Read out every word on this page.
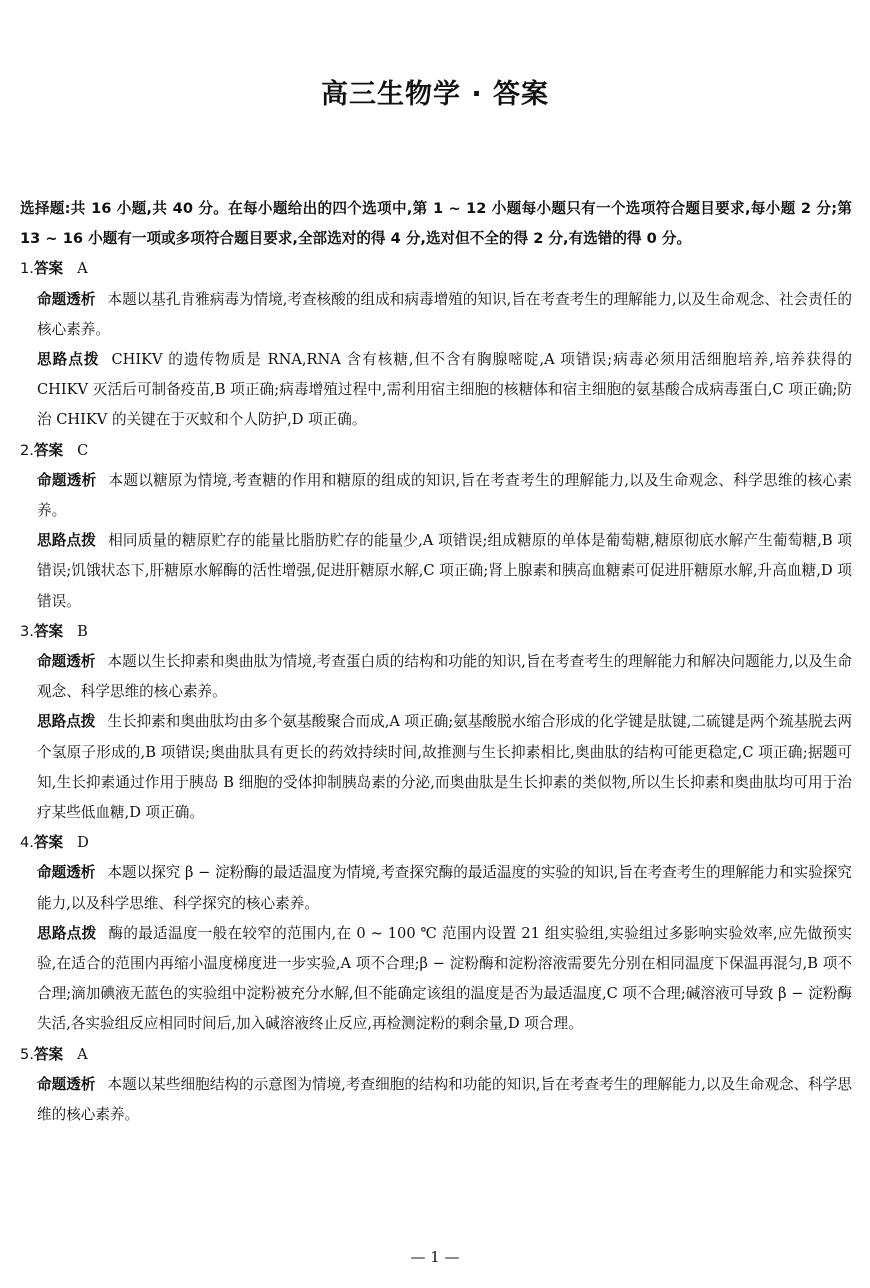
高三生物学 · 答案

选择题:共 16 小题,共 40 分。在每小题给出的四个选项中,第 1 ~ 12 小题每小题只有一个选项符合题目要求,每小题 2 分;第 13 ~ 16 小题有一项或多项符合题目要求,全部选对的得 4 分,选对但不全的得 2 分,有选错的得 0 分。

1.答案 A

命题透析 本题以基孔肯雅病毒为情境,考查核酸的组成和病毒增殖的知识,旨在考查考生的理解能力,以及生命观念、社会责任的核心素养。

思路点拨 CHIKV 的遗传物质是 RNA,RNA 含有核糖,但不含有胸腺嘧啶,A 项错误;病毒必须用活细胞培养,培养获得的 CHIKV 灭活后可制备疫苗,B 项正确;病毒增殖过程中,需利用宿主细胞的核糖体和宿主细胞的氨基酸合成病毒蛋白,C 项正确;防治 CHIKV 的关键在于灭蚊和个人防护,D 项正确。

2.答案 C

命题透析 本题以糖原为情境,考查糖的作用和糖原的组成的知识,旨在考查考生的理解能力,以及生命观念、科学思维的核心素养。

思路点拨 相同质量的糖原贮存的能量比脂肪贮存的能量少,A 项错误;组成糖原的单体是葡萄糖,糖原彻底水解产生葡萄糖,B 项错误;饥饿状态下,肝糖原水解酶的活性增强,促进肝糖原水解,C 项正确;肾上腺素和胰高血糖素可促进肝糖原水解,升高血糖,D 项错误。

3.答案 B

命题透析 本题以生长抑素和奥曲肽为情境,考查蛋白质的结构和功能的知识,旨在考查考生的理解能力和解决问题能力,以及生命观念、科学思维的核心素养。

思路点拨 生长抑素和奥曲肽均由多个氨基酸聚合而成,A 项正确;氨基酸脱水缩合形成的化学键是肽键,二硫键是两个巯基脱去两个氢原子形成的,B 项错误;奥曲肽具有更长的药效持续时间,故推测与生长抑素相比,奥曲肽的结构可能更稳定,C 项正确;据题可知,生长抑素通过作用于胰岛 B 细胞的受体抑制胰岛素的分泌,而奥曲肽是生长抑素的类似物,所以生长抑素和奥曲肽均可用于治疗某些低血糖,D 项正确。

4.答案 D

命题透析 本题以探究 β − 淀粉酶的最适温度为情境,考查探究酶的最适温度的实验的知识,旨在考查考生的理解能力和实验探究能力,以及科学思维、科学探究的核心素养。

思路点拨 酶的最适温度一般在较窄的范围内,在 0 ~ 100 ℃ 范围内设置 21 组实验组,实验组过多影响实验效率,应先做预实验,在适合的范围内再缩小温度梯度进一步实验,A 项不合理;β − 淀粉酶和淀粉溶液需要先分别在相同温度下保温再混匀,B 项不合理;滴加碘液无蓝色的实验组中淀粉被充分水解,但不能确定该组的温度是否为最适温度,C 项不合理;碱溶液可导致 β − 淀粉酶失活,各实验组反应相同时间后,加入碱溶液终止反应,再检测淀粉的剩余量,D 项合理。

5.答案 A

命题透析 本题以某些细胞结构的示意图为情境,考查细胞的结构和功能的知识,旨在考查考生的理解能力,以及生命观念、科学思维的核心素养。

— 1 —
